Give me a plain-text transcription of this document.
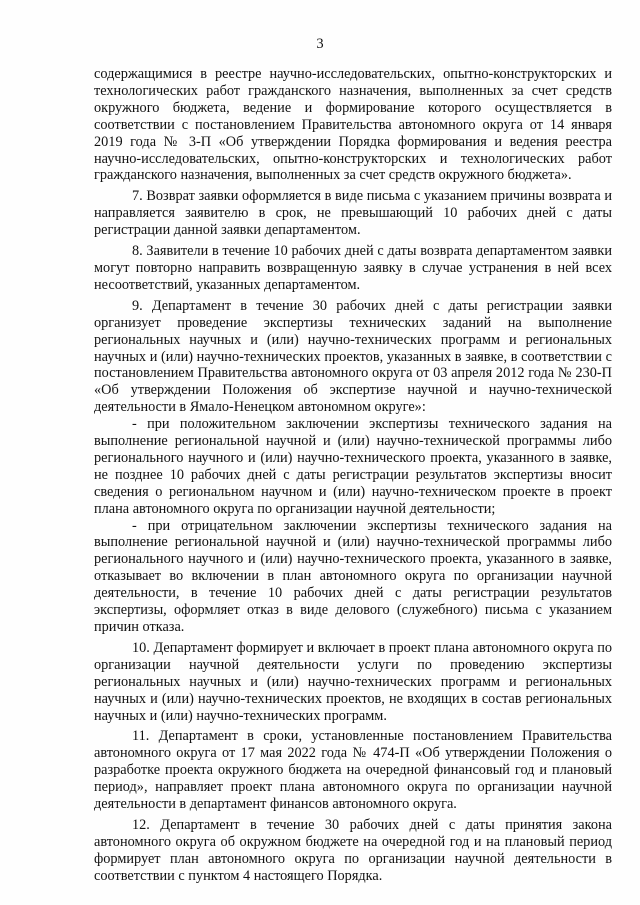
3

содержащимися в реестре научно-исследовательских, опытно-конструкторских и технологических работ гражданского назначения, выполненных за счет средств окружного бюджета, ведение и формирование которого осуществляется в соответствии с постановлением Правительства автономного округа от 14 января 2019 года № 3-П «Об утверждении Порядка формирования и ведения реестра научно-исследовательских, опытно-конструкторских и технологических работ гражданского назначения, выполненных за счет средств окружного бюджета».

7. Возврат заявки оформляется в виде письма с указанием причины возврата и направляется заявителю в срок, не превышающий 10 рабочих дней с даты регистрации данной заявки департаментом.

8. Заявители в течение 10 рабочих дней с даты возврата департаментом заявки могут повторно направить возвращенную заявку в случае устранения в ней всех несоответствий, указанных департаментом.

9. Департамент в течение 30 рабочих дней с даты регистрации заявки организует проведение экспертизы технических заданий на выполнение региональных научных и (или) научно-технических программ и региональных научных и (или) научно-технических проектов, указанных в заявке, в соответствии с постановлением Правительства автономного округа от 03 апреля 2012 года № 230-П «Об утверждении Положения об экспертизе научной и научно-технической деятельности в Ямало-Ненецком автономном округе»:

- при положительном заключении экспертизы технического задания на выполнение региональной научной и (или) научно-технической программы либо регионального научного и (или) научно-технического проекта, указанного в заявке, не позднее 10 рабочих дней с даты регистрации результатов экспертизы вносит сведения о региональном научном и (или) научно-техническом проекте в проект плана автономного округа по организации научной деятельности;

- при отрицательном заключении экспертизы технического задания на выполнение региональной научной и (или) научно-технической программы либо регионального научного и (или) научно-технического проекта, указанного в заявке, отказывает во включении в план автономного округа по организации научной деятельности, в течение 10 рабочих дней с даты регистрации результатов экспертизы, оформляет отказ в виде делового (служебного) письма с указанием причин отказа.

10. Департамент формирует и включает в проект плана автономного округа по организации научной деятельности услуги по проведению экспертизы региональных научных и (или) научно-технических программ и региональных научных и (или) научно-технических проектов, не входящих в состав региональных научных и (или) научно-технических программ.

11. Департамент в сроки, установленные постановлением Правительства автономного округа от 17 мая 2022 года № 474-П «Об утверждении Положения о разработке проекта окружного бюджета на очередной финансовый год и плановый период», направляет проект плана автономного округа по организации научной деятельности в департамент финансов автономного округа.

12. Департамент в течение 30 рабочих дней с даты принятия закона автономного округа об окружном бюджете на очередной год и на плановый период формирует план автономного округа по организации научной деятельности в соответствии с пунктом 4 настоящего Порядка.
